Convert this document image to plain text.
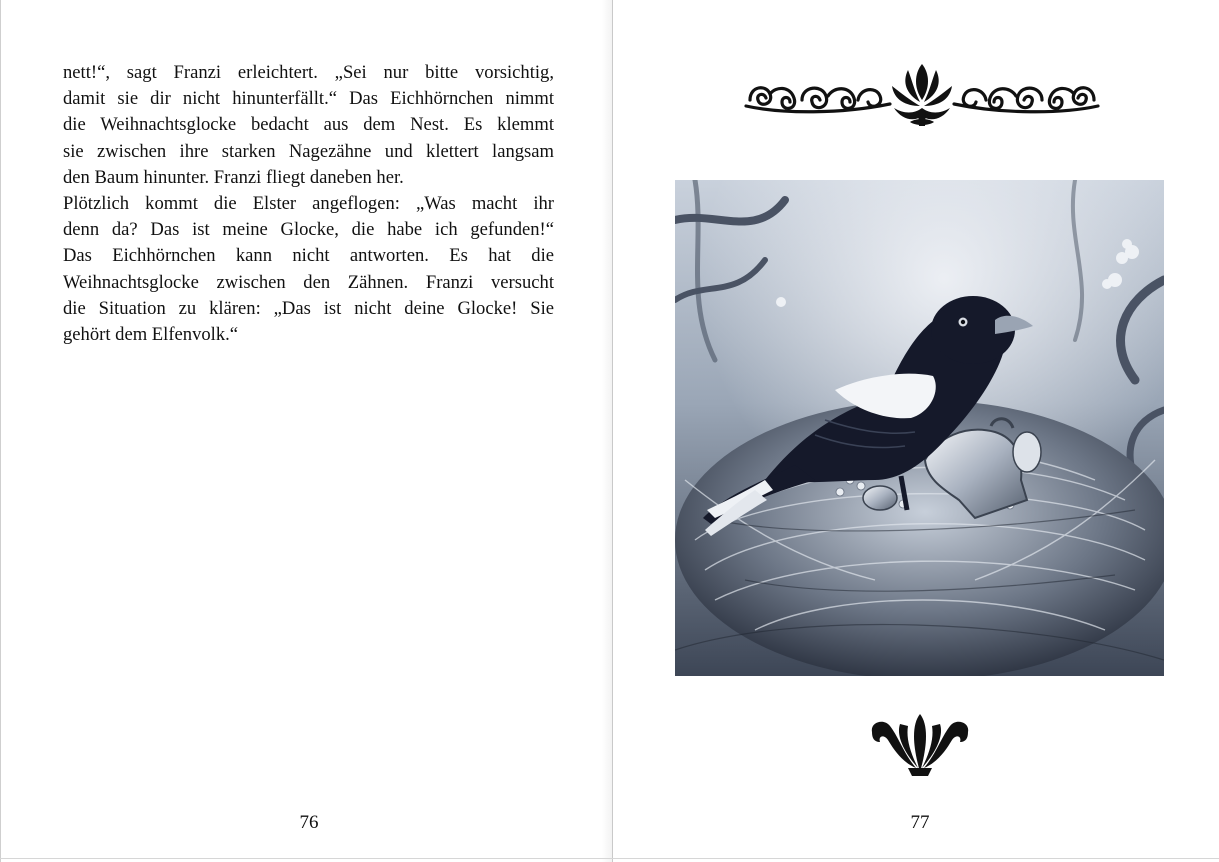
nett!“, sagt Franzi erleichtert. „Sei nur bitte vorsichtig,
damit sie dir nicht hinunterfällt.“ Das Eichhörnchen nimmt
die Weihnachtsglocke bedacht aus dem Nest. Es klemmt
sie zwischen ihre starken Nagezähne und klettert langsam
den Baum hinunter. Franzi fliegt daneben her.
Plötzlich kommt die Elster angeflogen: „Was macht ihr
denn da? Das ist meine Glocke, die habe ich gefunden!“
Das Eichhörnchen kann nicht antworten. Es hat die
Weihnachtsglocke zwischen den Zähnen. Franzi versucht
die Situation zu klären: „Das ist nicht deine Glocke! Sie
gehört dem Elfenvolk.“

76	77
